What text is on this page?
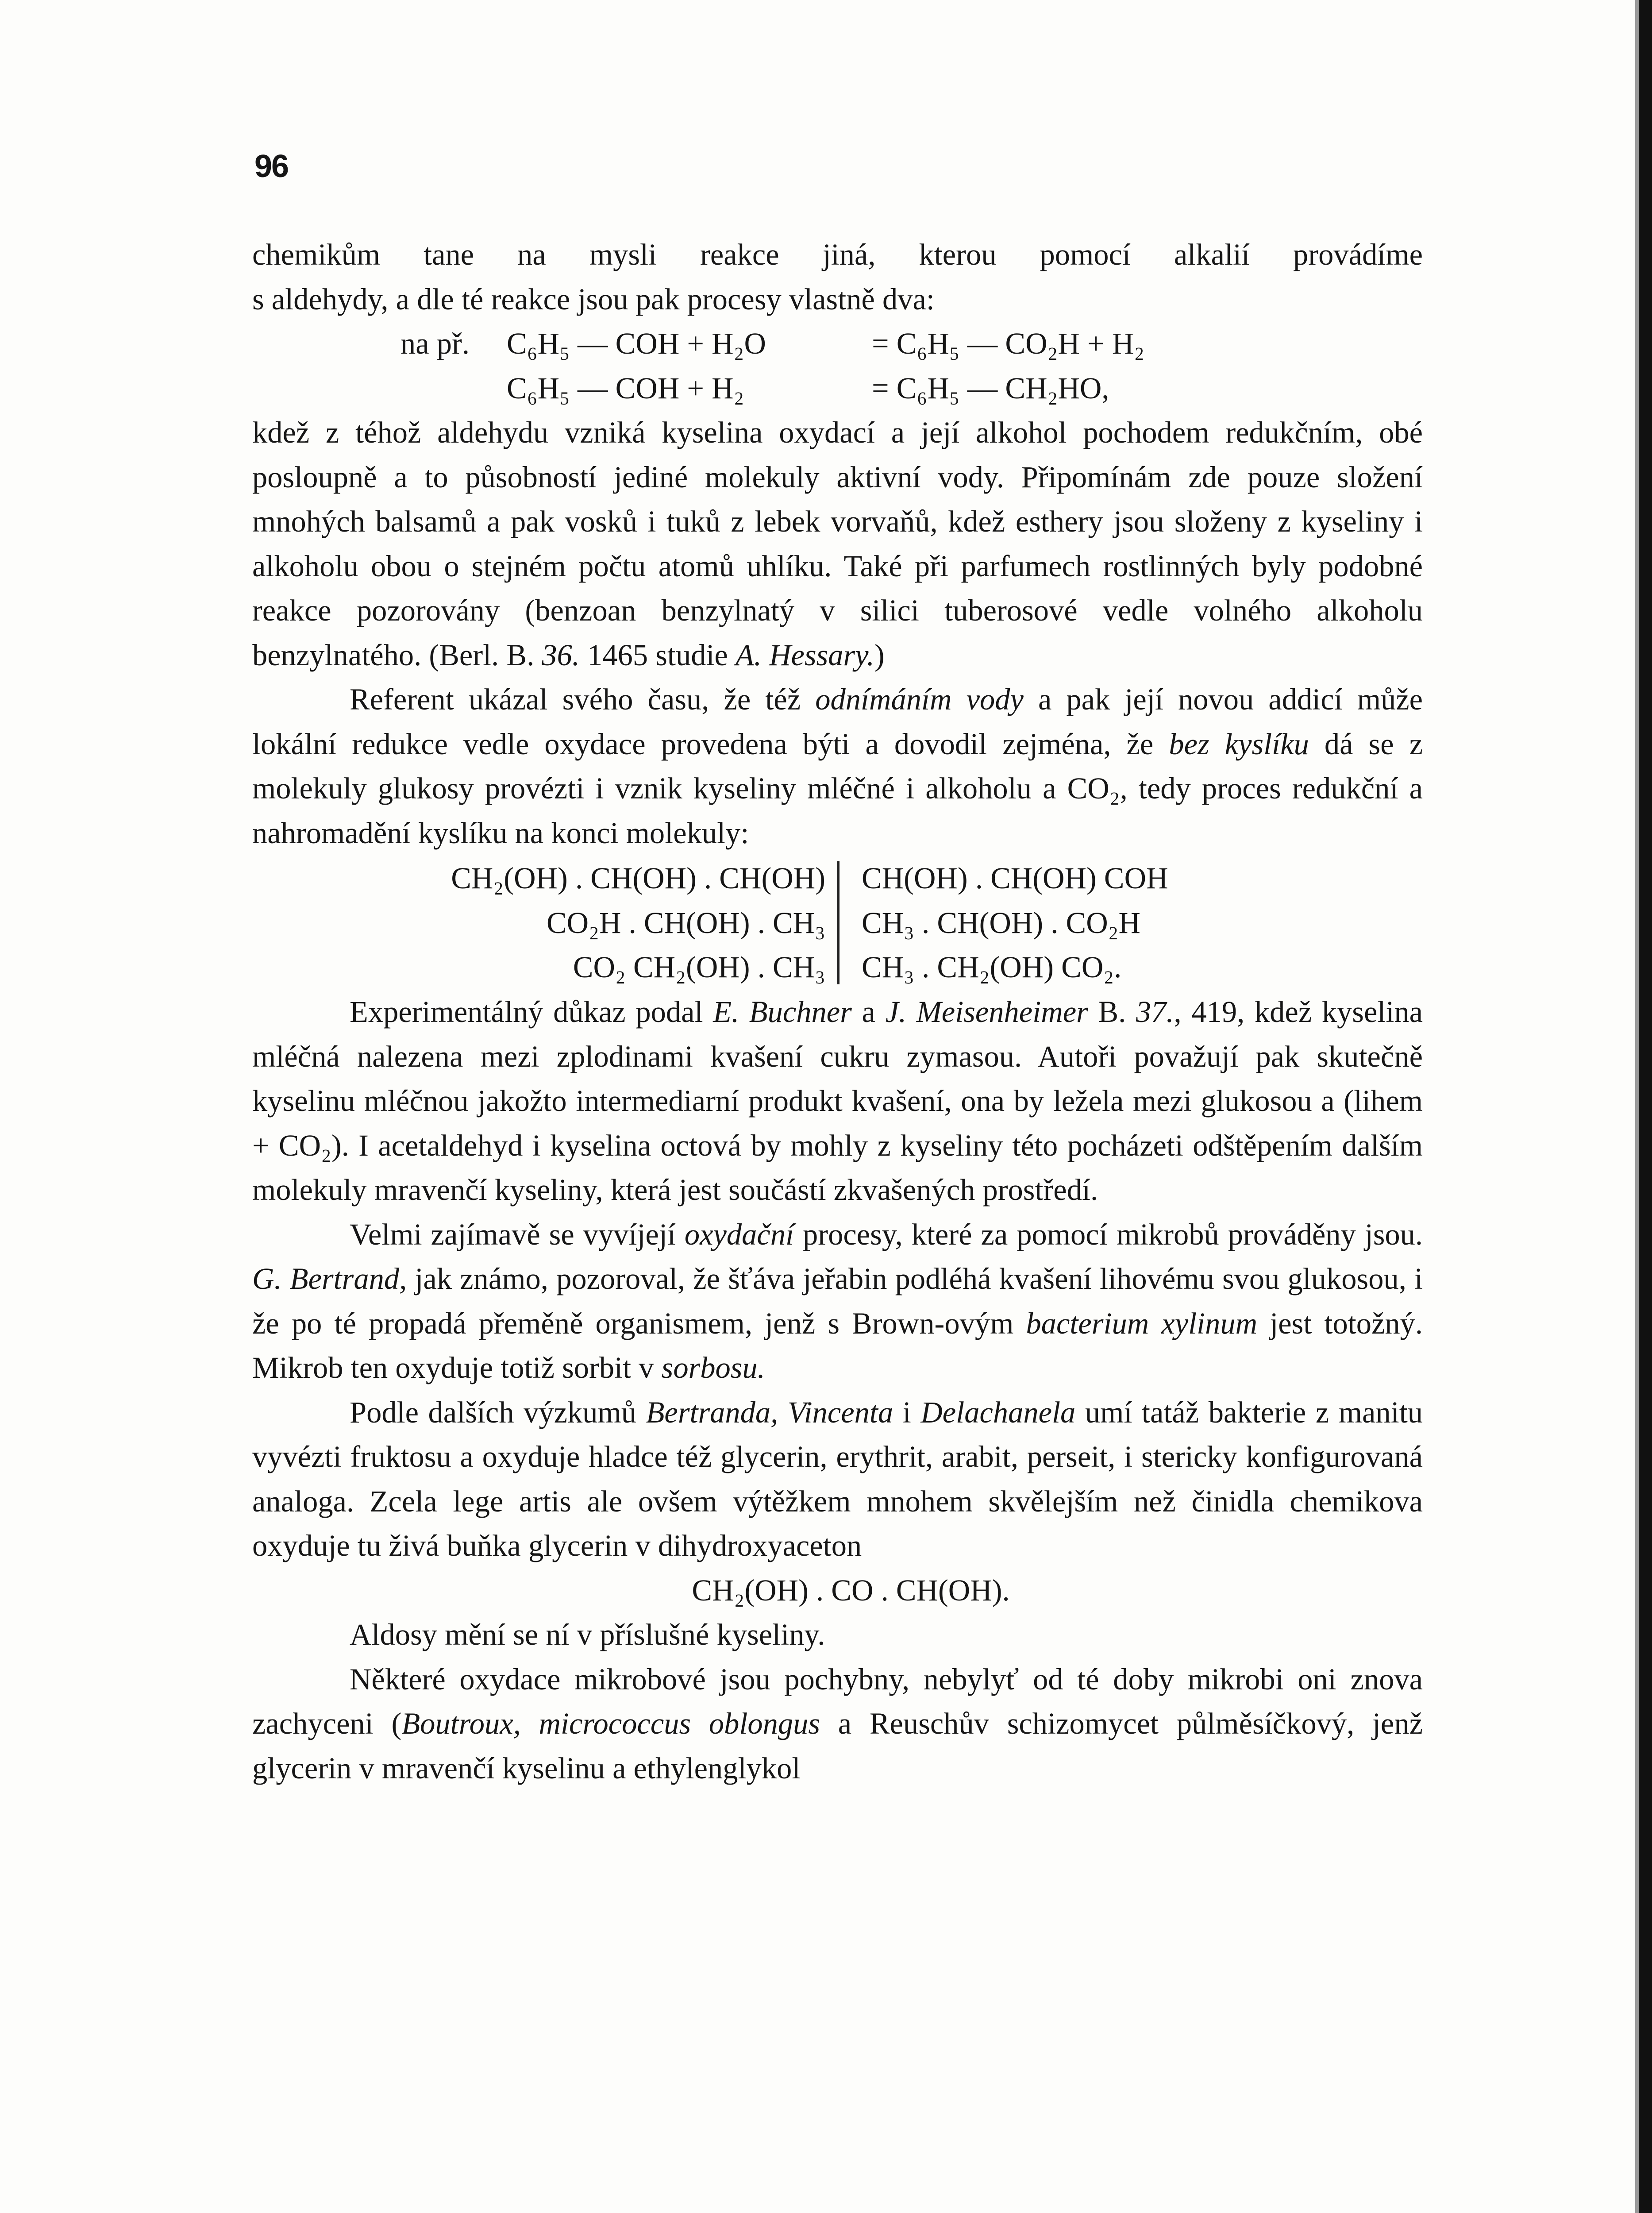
96

chemikům tane na mysli reakce jiná, kterou pomocí alkalií provádíme
s aldehydy, a dle té reakce jsou pak procesy vlastně dva:

na př. C₆H₅ — COH + H₂O	= C₆H₅ — CO₂H + H₂
C₆H₅ — COH + H₂	= C₆H₅ — CH₂HO,

kdež z téhož aldehydu vzniká kyselina oxydací a její alkohol pochodem redukčním, obé posloupně a to působností jediné molekuly aktivní vody. Připomínám zde pouze složení mnohých balsamů a pak vosků i tuků z lebek vorvaňů, kdež esthery jsou složeny z kyseliny i alkoholu obou o stejném počtu atomů uhlíku. Také při parfumech rostlinných byly podobné reakce pozorovány (benzoan benzylnatý v silici tuberosové vedle volného alkoholu benzylnatého. (Berl. B. 36. 1465 studie A. Hessary.)

Referent ukázal svého času, že též odnímáním vody a pak její novou addicí může lokální redukce vedle oxydace provedena býti a dovodil zejména, že bez kyslíku dá se z molekuly glukosy provézti i vznik kyseliny mléčné i alkoholu a CO₂, tedy proces redukční a nahromadění kyslíku na konci molekuly:

CH₂(OH) . CH(OH) . CH(OH)
CO₂H . CH(OH) . CH₃
CO₂ CH₂(OH) . CH₃
CH(OH) . CH(OH) COH
CH₃ . CH(OH) . CO₂H
CH₃ . CH₂(OH) CO₂.

Experimentálný důkaz podal E. Buchner a J. Meisenheimer B. 37., 419, kdež kyselina mléčná nalezena mezi zplodinami kvašení cukru zymasou. Autoři považují pak skutečně kyselinu mléčnou jakožto intermediarní produkt kvašení, ona by ležela mezi glukosou a (lihem + CO₂). I acetaldehyd i kyselina octová by mohly z kyseliny této pocházeti odštěpením dalším molekuly mravenčí kyseliny, která jest součástí zkvašených prostředí.

Velmi zajímavě se vyvíjejí oxydační procesy, které za pomocí mikrobů prováděny jsou. G. Bertrand, jak známo, pozoroval, že šťáva jeřabin podléhá kvašení lihovému svou glukosou, i že po té propadá přeměně organismem, jenž s Brown-ovým bacterium xylinum jest totožný. Mikrob ten oxyduje totiž sorbit v sorbosu.

Podle dalších výzkumů Bertranda, Vincenta i Delachanela umí tatáž bakterie z manitu vyvézti fruktosu a oxyduje hladce též glycerin, erythrit, arabit, perseit, i stericky konfigurovaná analoga. Zcela lege artis ale ovšem výtěžkem mnohem skvělejším než činidla chemikova oxyduje tu živá buňka glycerin v dihydroxyaceton

CH₂(OH) . CO . CH(OH).

Aldosy mění se ní v příslušné kyseliny.

Některé oxydace mikrobové jsou pochybny, nebylyť od té doby mikrobi oni znova zachyceni (Boutroux, micrococcus oblongus a Reuschův schizomycet půlměsíčkový, jenž glycerin v mravenčí kyselinu a ethylenglykol
